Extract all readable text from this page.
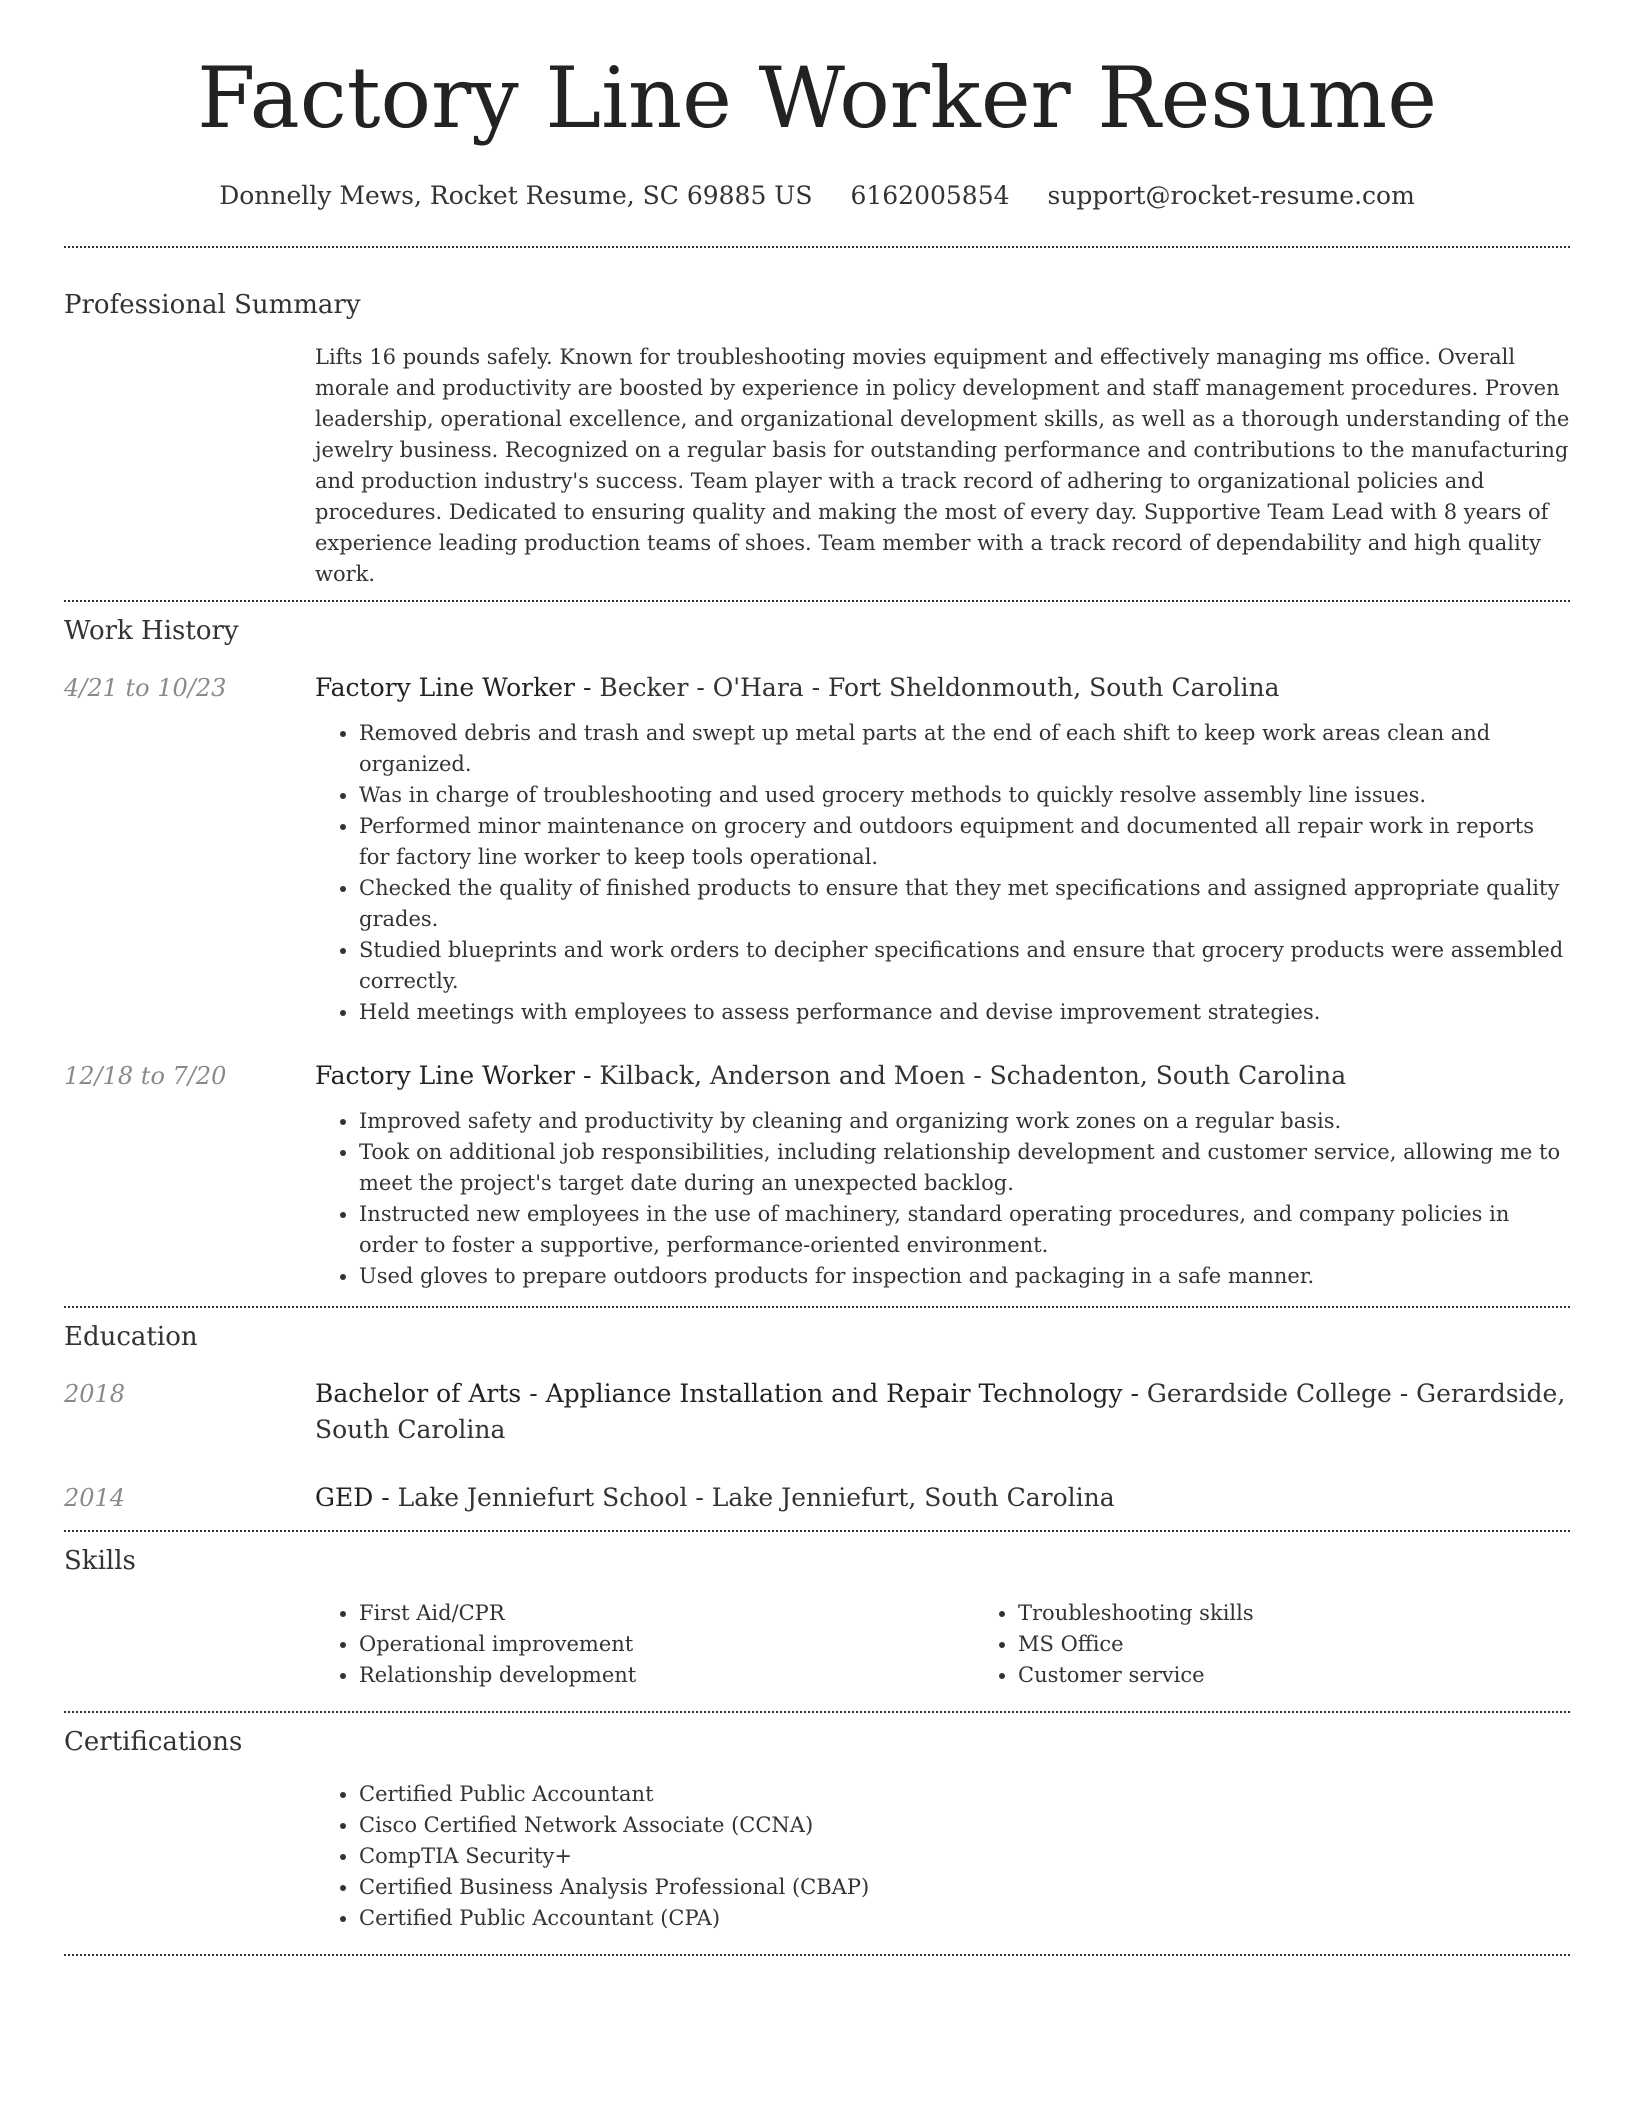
Factory Line Worker Resume
Donnelly Mews, Rocket Resume, SC 69885 US 6162005854 support@rocket-resume.com
Professional Summary
Lifts 16 pounds safely. Known for troubleshooting movies equipment and effectively managing ms office. Overall morale and productivity are boosted by experience in policy development and staff management procedures. Proven leadership, operational excellence, and organizational development skills, as well as a thorough understanding of the jewelry business. Recognized on a regular basis for outstanding performance and contributions to the manufacturing and production industry's success. Team player with a track record of adhering to organizational policies and procedures. Dedicated to ensuring quality and making the most of every day. Supportive Team Lead with 8 years of experience leading production teams of shoes. Team member with a track record of dependability and high quality work.
Work History
4/21 to 10/23	Factory Line Worker - Becker - O'Hara - Fort Sheldonmouth, South Carolina
• Removed debris and trash and swept up metal parts at the end of each shift to keep work areas clean and organized.
• Was in charge of troubleshooting and used grocery methods to quickly resolve assembly line issues.
• Performed minor maintenance on grocery and outdoors equipment and documented all repair work in reports for factory line worker to keep tools operational.
• Checked the quality of finished products to ensure that they met specifications and assigned appropriate quality grades.
• Studied blueprints and work orders to decipher specifications and ensure that grocery products were assembled correctly.
• Held meetings with employees to assess performance and devise improvement strategies.
12/18 to 7/20	Factory Line Worker - Kilback, Anderson and Moen - Schadenton, South Carolina
• Improved safety and productivity by cleaning and organizing work zones on a regular basis.
• Took on additional job responsibilities, including relationship development and customer service, allowing me to meet the project's target date during an unexpected backlog.
• Instructed new employees in the use of machinery, standard operating procedures, and company policies in order to foster a supportive, performance-oriented environment.
• Used gloves to prepare outdoors products for inspection and packaging in a safe manner.
Education
2018	Bachelor of Arts - Appliance Installation and Repair Technology - Gerardside College - Gerardside, South Carolina
2014	GED - Lake Jenniefurt School - Lake Jenniefurt, South Carolina
Skills
• First Aid/CPR
• Operational improvement
• Relationship development
• Troubleshooting skills
• MS Office
• Customer service
Certifications
• Certified Public Accountant
• Cisco Certified Network Associate (CCNA)
• CompTIA Security+
• Certified Business Analysis Professional (CBAP)
• Certified Public Accountant (CPA)
